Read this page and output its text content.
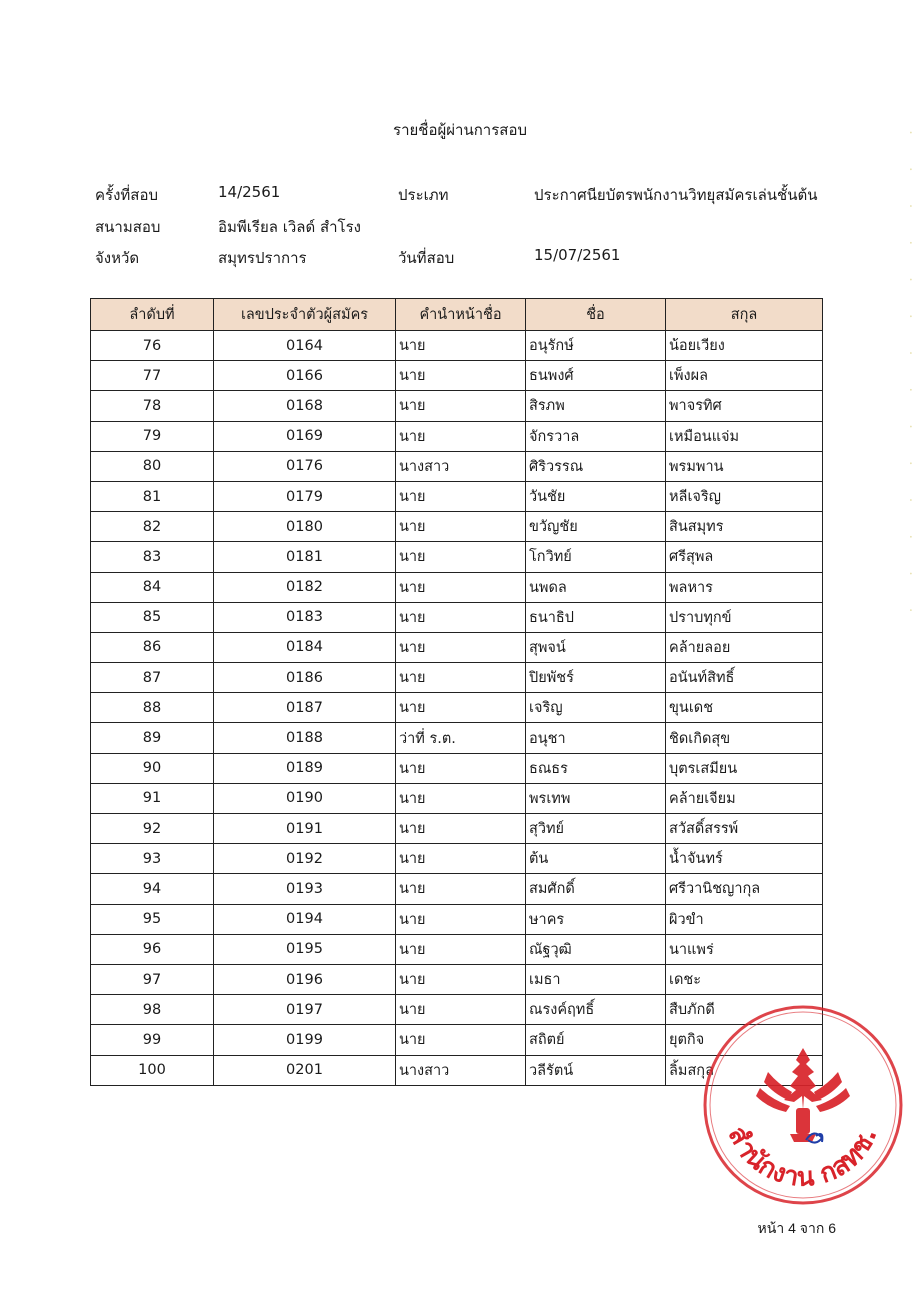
· · · · · · · · · · · · · ·
รายชื่อผู้ผ่านการสอบ
ครั้งที่สอบ	14/2561	ประเภท	ประกาศนียบัตรพนักงานวิทยุสมัครเล่นชั้นต้น
สนามสอบ	อิมพีเรียล เวิลด์ สำโรง
จังหวัด	สมุทรปราการ	วันที่สอบ	15/07/2561
ลำดับที่	เลขประจำตัวผู้สมัคร	คำนำหน้าชื่อ	ชื่อ	สกุล
76	0164	นาย	อนุรักษ์	น้อยเวียง
77	0166	นาย	ธนพงศ์	เพ็งผล
78	0168	นาย	สิรภพ	พาจรทิศ
79	0169	นาย	จักรวาล	เหมือนแจ่ม
80	0176	นางสาว	ศิริวรรณ	พรมพาน
81	0179	นาย	วันชัย	หลีเจริญ
82	0180	นาย	ขวัญชัย	สินสมุทร
83	0181	นาย	โกวิทย์	ศรีสุพล
84	0182	นาย	นพดล	พลหาร
85	0183	นาย	ธนาธิป	ปราบทุกข์
86	0184	นาย	สุพจน์	คล้ายลอย
87	0186	นาย	ปิยพัชร์	อนันท์สิทธิ์
88	0187	นาย	เจริญ	ขุนเดช
89	0188	ว่าที่ ร.ต.	อนุชา	ชิดเกิดสุข
90	0189	นาย	ธณธร	บุตรเสมียน
91	0190	นาย	พรเทพ	คล้ายเจียม
92	0191	นาย	สุวิทย์	สวัสดิ์สรรพ์
93	0192	นาย	ต้น	น้ำจันทร์
94	0193	นาย	สมศักดิ์	ศรีวานิชญากุล
95	0194	นาย	ษาคร	ผิวขำ
96	0195	นาย	ณัฐวุฒิ	นาแพร่
97	0196	นาย	เมธา	เดชะ
98	0197	นาย	ณรงค์ฤทธิ์	สืบภักดี
99	0199	นาย	สถิตย์	ยุตกิจ
100	0201	นางสาว	วลีรัตน์	ลิ้มสกุล
สำนักงาน กสทช.
หน้า 4 จาก 6
